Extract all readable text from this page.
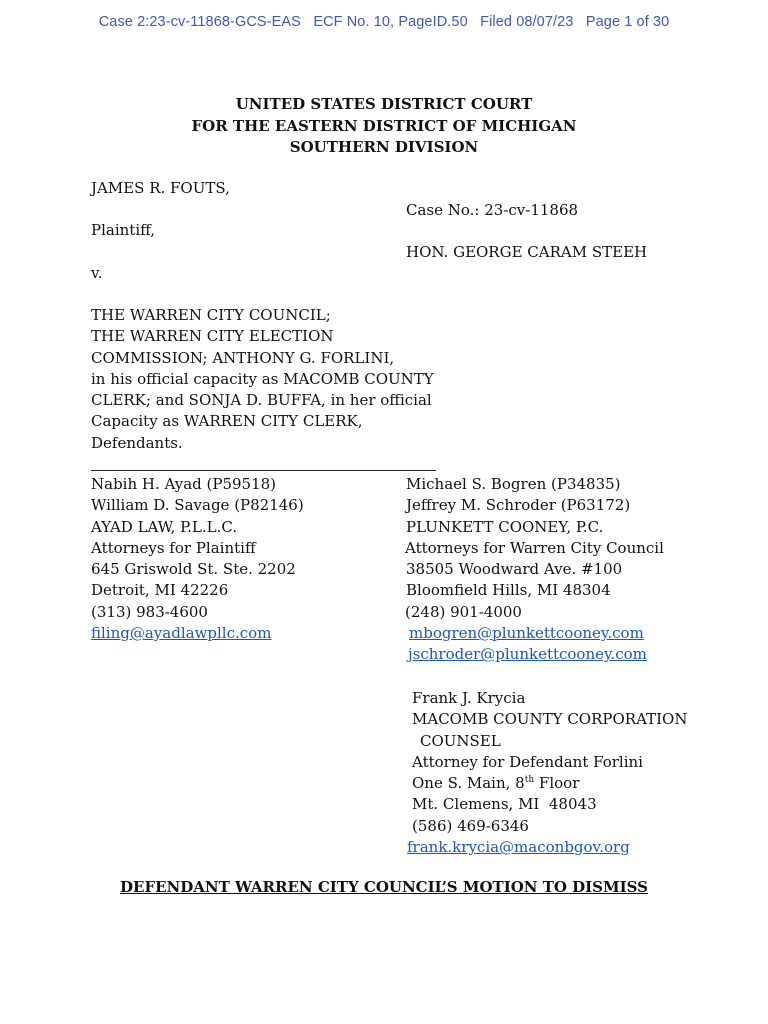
Case 2:23-cv-11868-GCS-EAS ECF No. 10, PageID.50 Filed 08/07/23 Page 1 of 30
UNITED STATES DISTRICT COURT
FOR THE EASTERN DISTRICT OF MICHIGAN
SOUTHERN DIVISION
JAMES R. FOUTS,
Plaintiff,
v.
Case No.: 23-cv-11868
HON. GEORGE CARAM STEEH
THE WARREN CITY COUNCIL;
THE WARREN CITY ELECTION
COMMISSION; ANTHONY G. FORLINI,
in his official capacity as MACOMB COUNTY
CLERK; and SONJA D. BUFFA, in her official
Capacity as WARREN CITY CLERK,
Defendants.
Nabih H. Ayad (P59518)
William D. Savage (P82146)
AYAD LAW, P.L.L.C.
Attorneys for Plaintiff
645 Griswold St. Ste. 2202
Detroit, MI 42226
(313) 983-4600
filing@ayadlawpllc.com
Michael S. Bogren (P34835)
Jeffrey M. Schroder (P63172)
PLUNKETT COONEY, P.C.
Attorneys for Warren City Council
38505 Woodward Ave. #100
Bloomfield Hills, MI 48304
(248) 901-4000
mbogren@plunkettcooney.com
jschroder@plunkettcooney.com
Frank J. Krycia
MACOMB COUNTY CORPORATION
COUNSEL
Attorney for Defendant Forlini
One S. Main, 8th Floor
Mt. Clemens, MI  48043
(586) 469-6346
frank.krycia@maconbgov.org
DEFENDANT WARREN CITY COUNCIL’S MOTION TO DISMISS
